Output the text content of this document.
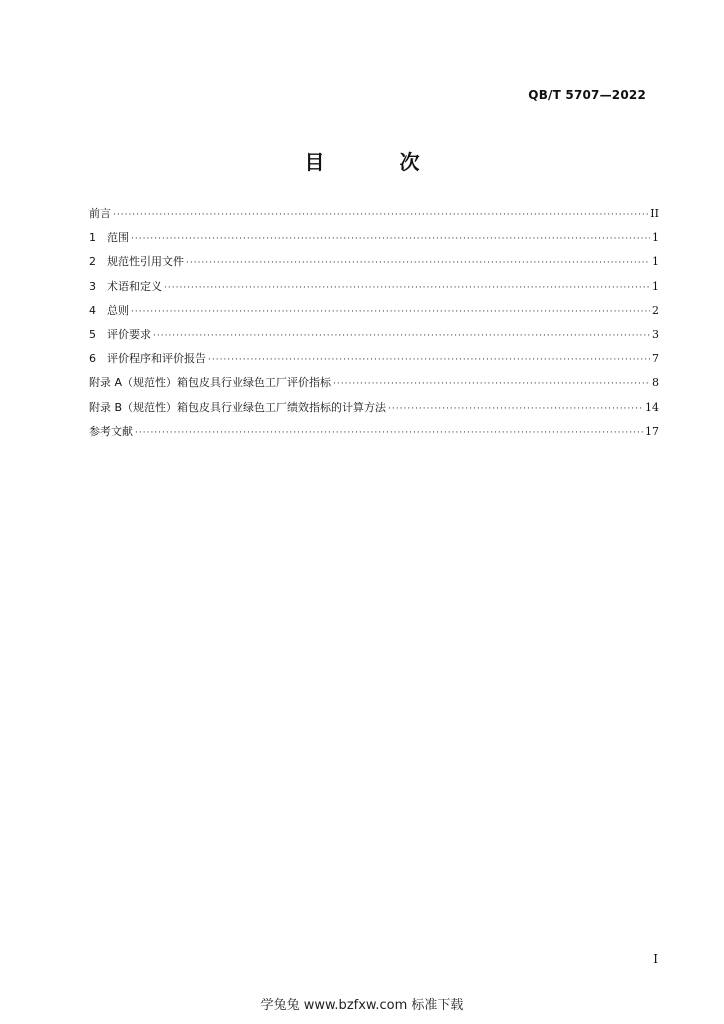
QB/T 5707—2022
目 次
前言 ·····	II
1	范围 ·····	1
2	规范性引用文件 ·····	1
3	术语和定义 ·····	1
4	总则 ·····	2
5	评价要求 ·····	3
6	评价程序和评价报告 ·····	7
附录 A（规范性）箱包皮具行业绿色工厂评价指标 ·····	8
附录 B（规范性）箱包皮具行业绿色工厂绩效指标的计算方法 ·····	14
参考文献 ·····	17
I
学兔兔 www.bzfxw.com 标准下载
